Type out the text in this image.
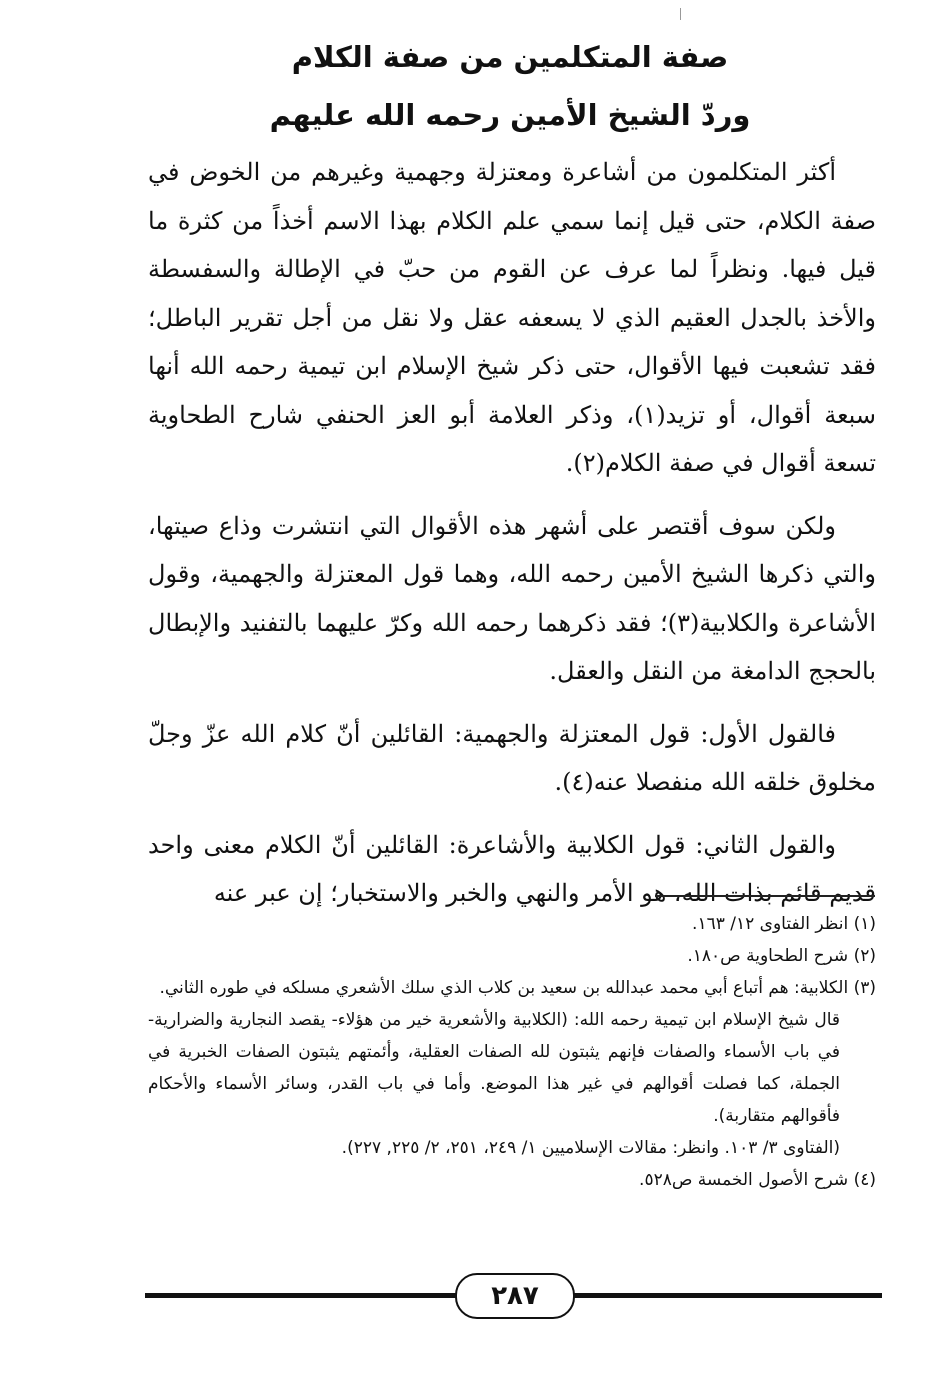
صفة المتكلمين من صفة الكلام
وردّ الشيخ الأمين رحمه الله عليهم

أكثر المتكلمون من أشاعرة ومعتزلة وجهمية وغيرهم من الخوض في صفة الكلام، حتى قيل إنما سمي علم الكلام بهذا الاسم أخذاً من كثرة ما قيل فيها. ونظراً لما عرف عن القوم من حبّ في الإطالة والسفسطة والأخذ بالجدل العقيم الذي لا يسعفه عقل ولا نقل من أجل تقرير الباطل؛ فقد تشعبت فيها الأقوال، حتى ذكر شيخ الإسلام ابن تيمية رحمه الله أنها سبعة أقوال، أو تزيد(١)، وذكر العلامة أبو العز الحنفي شارح الطحاوية تسعة أقوال في صفة الكلام(٢).

ولكن سوف أقتصر على أشهر هذه الأقوال التي انتشرت وذاع صيتها، والتي ذكرها الشيخ الأمين رحمه الله، وهما قول المعتزلة والجهمية، وقول الأشاعرة والكلابية(٣)؛ فقد ذكرهما رحمه الله وكرّ عليهما بالتفنيد والإبطال بالحجج الدامغة من النقل والعقل.

فالقول الأول: قول المعتزلة والجهمية: القائلين أنّ كلام الله عزّ وجلّ مخلوق خلقه الله منفصلا عنه(٤).

والقول الثاني: قول الكلابية والأشاعرة: القائلين أنّ الكلام معنى واحد قديم قائم بذات الله، هو الأمر والنهي والخبر والاستخبار؛ إن عبر عنه

(١) انظر الفتاوى ١٢/ ١٦٣.

(٢) شرح الطحاوية ص١٨٠.

(٣) الكلابية: هم أتباع أبي محمد عبدالله بن سعيد بن كلاب الذي سلك الأشعري مسلكه في طوره الثاني.

قال شيخ الإسلام ابن تيمية رحمه الله: (الكلابية والأشعرية خير من هؤلاء- يقصد النجارية والضرارية- في باب الأسماء والصفات فإنهم يثبتون لله الصفات العقلية، وأئمتهم يثبتون الصفات الخبرية في الجملة، كما فصلت أقوالهم في غير هذا الموضع. وأما في باب القدر، وسائر الأسماء والأحكام فأقوالهم متقاربة).

(الفتاوى ٣/ ١٠٣. وانظر: مقالات الإسلاميين ١/ ٢٤٩، ٢٥١، ٢/ ٢٢٥, ٢٢٧).

(٤) شرح الأصول الخمسة ص٥٢٨.

٢٨٧
